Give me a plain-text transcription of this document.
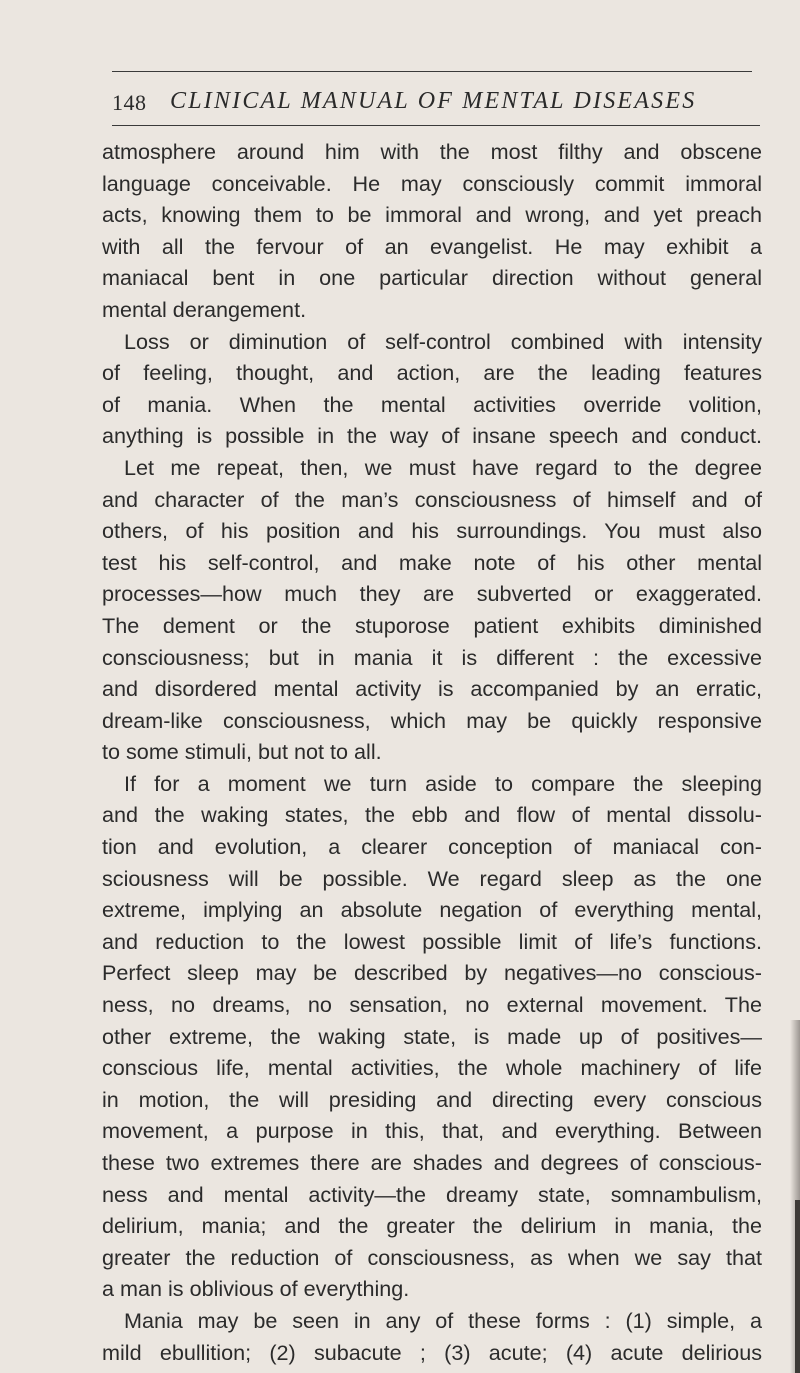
148 CLINICAL MANUAL OF MENTAL DISEASES
atmosphere around him with the most filthy and obscene
language conceivable. He may consciously commit immoral
acts, knowing them to be immoral and wrong, and yet preach
with all the fervour of an evangelist. He may exhibit a
maniacal bent in one particular direction without general
mental derangement.
Loss or diminution of self-control combined with intensity
of feeling, thought, and action, are the leading features
of mania. When the mental activities override volition,
anything is possible in the way of insane speech and conduct.
Let me repeat, then, we must have regard to the degree
and character of the man’s consciousness of himself and of
others, of his position and his surroundings. You must also
test his self-control, and make note of his other mental
processes—how much they are subverted or exaggerated.
The dement or the stuporose patient exhibits diminished
consciousness; but in mania it is different : the excessive
and disordered mental activity is accompanied by an erratic,
dream-like consciousness, which may be quickly responsive
to some stimuli, but not to all.
If for a moment we turn aside to compare the sleeping
and the waking states, the ebb and flow of mental dissolu-
tion and evolution, a clearer conception of maniacal con-
sciousness will be possible. We regard sleep as the one
extreme, implying an absolute negation of everything mental,
and reduction to the lowest possible limit of life’s functions.
Perfect sleep may be described by negatives—no conscious-
ness, no dreams, no sensation, no external movement. The
other extreme, the waking state, is made up of positives—
conscious life, mental activities, the whole machinery of life
in motion, the will presiding and directing every conscious
movement, a purpose in this, that, and everything. Between
these two extremes there are shades and degrees of conscious-
ness and mental activity—the dreamy state, somnambulism,
delirium, mania; and the greater the delirium in mania, the
greater the reduction of consciousness, as when we say that
a man is oblivious of everything.
Mania may be seen in any of these forms : (1) simple, a
mild ebullition; (2) subacute ; (3) acute; (4) acute delirious
